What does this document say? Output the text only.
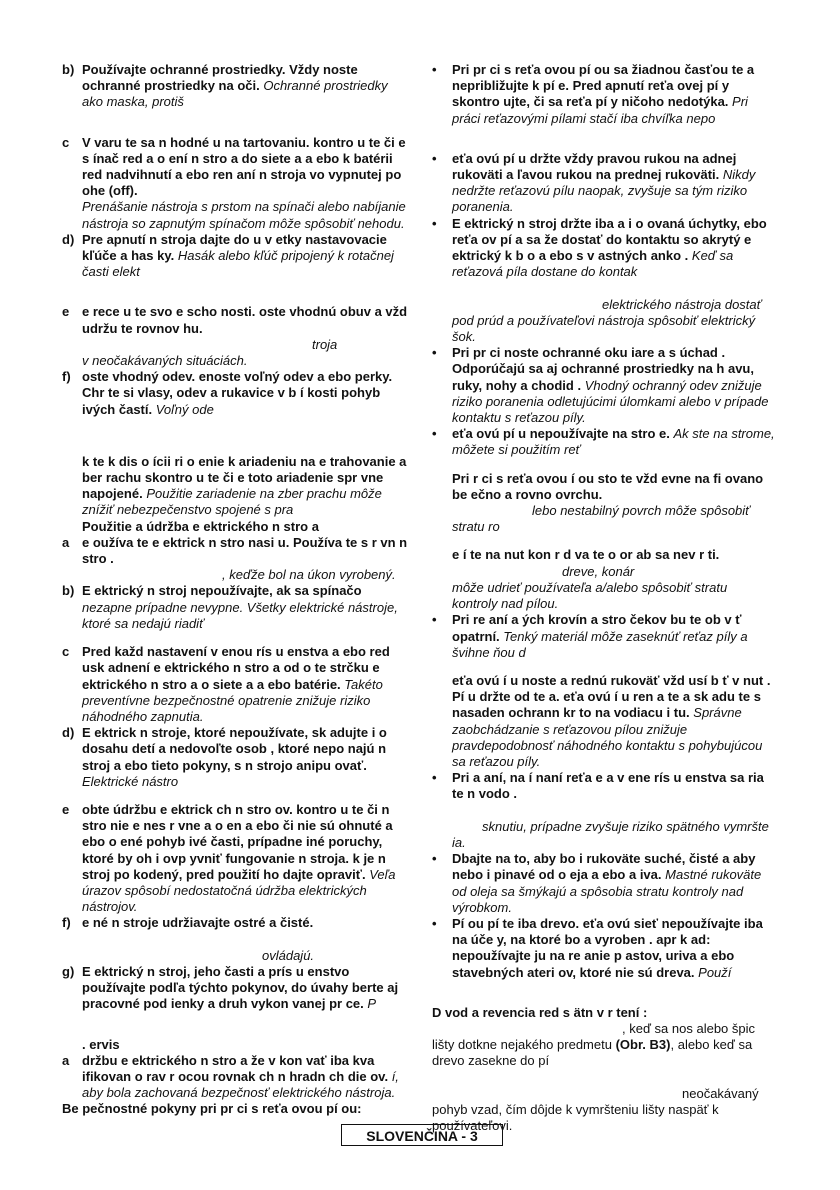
b) Používajte ochranné prostriedky. Vždy noste ochranné prostriedky na oči. Ochranné prostriedky ako maska, protiš

c V varu te sa n hodné u na tartovaniu. kontro u te či e s ínač red a o ení n stro a do siete a a ebo k batérii red nadvihnutí a ebo ren aní n stroja vo vypnutej po ohe (off).
Prenášanie nástroja s prstom na spínači alebo nabíjanie nástroja so zapnutým spínačom môže spôsobiť nehodu.

d) Pre apnutí n stroja dajte do u v etky nastavovacie kľúče a has ky. Hasák alebo kľúč pripojený k rotačnej časti elekt

e e rece u te svo e scho nosti. oste vhodnú obuv a vžd udržu te rovnov hu.
troja
v neočakávaných situáciách.

f) oste vhodný odev. enoste voľný odev a ebo perky. Chr te si vlasy, odev a rukavice v b í kosti pohyb ivých častí. Voľný ode

k te k dis o ícii ri o enie k ariadeniu na e trahovanie a ber rachu skontro u te či e toto ariadenie spr vne napojené. Použitie zariadenie na zber prachu môže znížiť nebezpečenstvo spojené s pra

Použitie a údržba e ektrického n stro a

a e oužíva te e ektrick n stro nasi u. Používa te s r vn n stro .
, keďže bol na úkon vyrobený.

b) E ektrický n stroj nepoužívajte, ak sa spínačo
nezapne prípadne nevypne. Všetky elektrické nástroje, ktoré sa nedajú riadiť

c Pred každ nastavení v enou rís u enstva a ebo red usk adnení e ektrického n stro a od o te strčku e ektrického n stro a o siete a a ebo batérie. Takéto preventívne bezpečnostné opatrenie znižuje riziko náhodného zapnutia.

d) E ektrick n stroje, ktoré nepoužívate, sk adujte i o dosahu detí a nedovoľte osob , ktoré nepo najú n stroj a ebo tieto pokyny, s n strojo anipu ovať. Elektrické nástro

e obte údržbu e ektrick ch n stro ov. kontro u te či n stro nie e nes r vne a o en a ebo či nie sú ohnuté a ebo o ené pohyb ivé časti, prípadne iné poruchy, ktoré by oh i ovp yvniť fungovanie n stroja. k je n stroj po kodený, pred použití ho dajte opraviť. Veľa úrazov spôsobí nedostatočná údržba elektrických nástrojov.

f) e né n stroje udržiavajte ostré a čisté.

ovládajú.

g) E ektrický n stroj, jeho časti a prís u enstvo používajte podľa týchto pokynov, do úvahy berte aj pracovné pod ienky a druh vykon vanej pr ce. P

. ervis

a držbu e ektrického n stro a že v kon vať iba kva ifikovan o rav r ocou rovnak ch n hradn ch die ov. í, aby bola zachovaná bezpečnosť elektrického nástroja.

Be pečnostné pokyny pri pr ci s reťa ovou pí ou:

• Pri pr ci s reťa ovou pí ou sa žiadnou časťou te a nepribližujte k pí e. Pred apnutí reťa ovej pí y skontro ujte, či sa reťa pí y ničoho nedotýka. Pri práci reťazovými pílami stačí iba chvíľka nepo

• eťa ovú pí u držte vždy pravou rukou na adnej rukoväti a ľavou rukou na prednej rukoväti. Nikdy nedržte reťazovú pílu naopak, zvyšuje sa tým riziko poranenia.

• E ektrický n stroj držte iba a i o ovaná úchytky, ebo reťa ov pí a sa že dostať do kontaktu so akrytý e ektrický k b o a ebo s v astných anko . Keď sa reťazová píla dostane do kontak

elektrického nástroja dostať pod prúd a používateľovi nástroja spôsobiť elektrický šok.

• Pri pr ci noste ochranné oku iare a s úchad . Odporúčajú sa aj ochranné prostriedky na h avu, ruky, nohy a chodid . Vhodný ochranný odev znižuje riziko poranenia odletujúcimi úlomkami alebo v prípade kontaktu s reťazou píly.

• eťa ovú pí u nepoužívajte na stro e. Ak ste na strome, môžete si použitím reť

Pri r ci s reťa ovou í ou sto te vžd evne na fi ovano be ečno a rovno ovrchu.
lebo nestabilný povrch môže spôsobiť stratu ro

e í te na nut kon r d va te o or ab sa nev r ti.dreve, konár
môže udrieť používateľa a/alebo spôsobiť stratu kontroly nad pílou.

• Pri re aní a ých krovín a stro čekov bu te ob v ť opatrní. Tenký materiál môže zaseknúť reťaz píly a švihne ňou d

eťa ovú í u noste a rednú rukoväť vžd usí b ť v nut . Pí u držte od te a. eťa ovú í u ren a te a sk adu te s nasaden ochrann kr to na vodiacu i tu. Správne zaobchádzanie s reťazovou pílou znižuje pravdepodobnosť náhodného kontaktu s pohybujúcou sa reťazou píly.

• Pri a aní, na í naní reťa e a v ene rís u enstva sa ria te n vodo .

sknutiu, prípadne zvyšuje riziko spätného vymršte ia.

• Dbajte na to, aby bo i rukoväte suché, čisté a aby nebo i pinavé od o eja a ebo a iva. Mastné rukoväte od oleja sa šmýkajú a spôsobia stratu kontroly nad výrobkom.

• Pí ou pí te iba drevo. eťa ovú sieť nepoužívajte iba na úče y, na ktoré bo a vyroben . apr k ad: nepoužívajte ju na re anie p astov, uriva a ebo stavebných ateri ov, ktoré nie sú dreva. Použí

D vod a revencia red s ätn v r tení :
, keď sa nos alebo špic lišty dotkne nejakého predmetu (Obr. B3), alebo keď sa drevo zasekne do pí

neočakávaný
pohyb vzad, čím dôjde k vymršteniu lišty naspäť k používateľovi.

SLOVENČINA - 3
